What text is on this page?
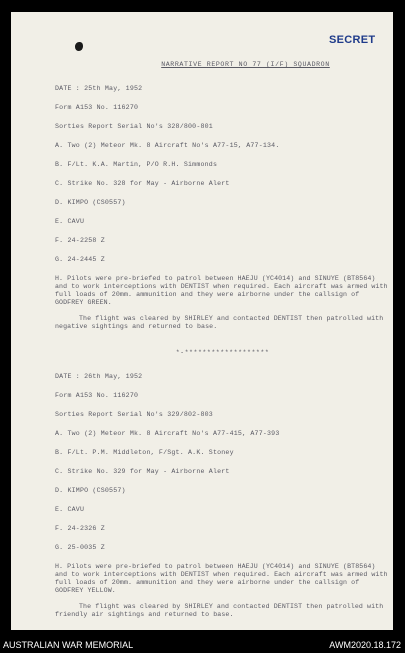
SECRET
NARRATIVE REPORT NO 77 (I/F) SQUADRON
DATE : 25th May, 1952
Form A153 No. 116270
Sorties Report Serial No's 328/800-801
A. Two (2) Meteor Mk. 8 Aircraft No's A77-15, A77-134.
B. F/Lt. K.A. Martin, P/O R.H. Simmonds
C. Strike No. 328 for May - Airborne Alert
D. KIMPO (CS0557)
E. CAVU
F. 24-2258 Z
G. 24-2445 Z
H. Pilots were pre-briefed to patrol between HAEJU (YC4014) and SINUYE (BT8564) and to work interceptions with DENTIST when required. Each aircraft was armed with full loads of 20mm. ammunition and they were airborne under the callsign of GODFREY GREEN.
The flight was cleared by SHIRLEY and contacted DENTIST then patrolled with negative sightings and returned to base.
*-*******************
DATE : 26th May, 1952
Form A153 No. 116270
Sorties Report Serial No's 329/802-803
A. Two (2) Meteor Mk. 8 Aircraft No's A77-415, A77-393
B. F/Lt. P.M. Middleton, F/Sgt. A.K. Stoney
C. Strike No. 329 for May - Airborne Alert
D. KIMPO (CS0557)
E. CAVU
F. 24-2326 Z
G. 25-0035 Z
H. Pilots were pre-briefed to patrol between HAEJU (YC4014) and SINUYE (BT8564) and to work interceptions with DENTIST when required. Each aircraft was armed with full loads of 20mm. ammunition and they were airborne under the callsign of GODFREY YELLOW.
The flight was cleared by SHIRLEY and contacted DENTIST then patrolled with friendly air sightings and returned to base.
AUSTRALIAN WAR MEMORIAL	AWM2020.18.172
